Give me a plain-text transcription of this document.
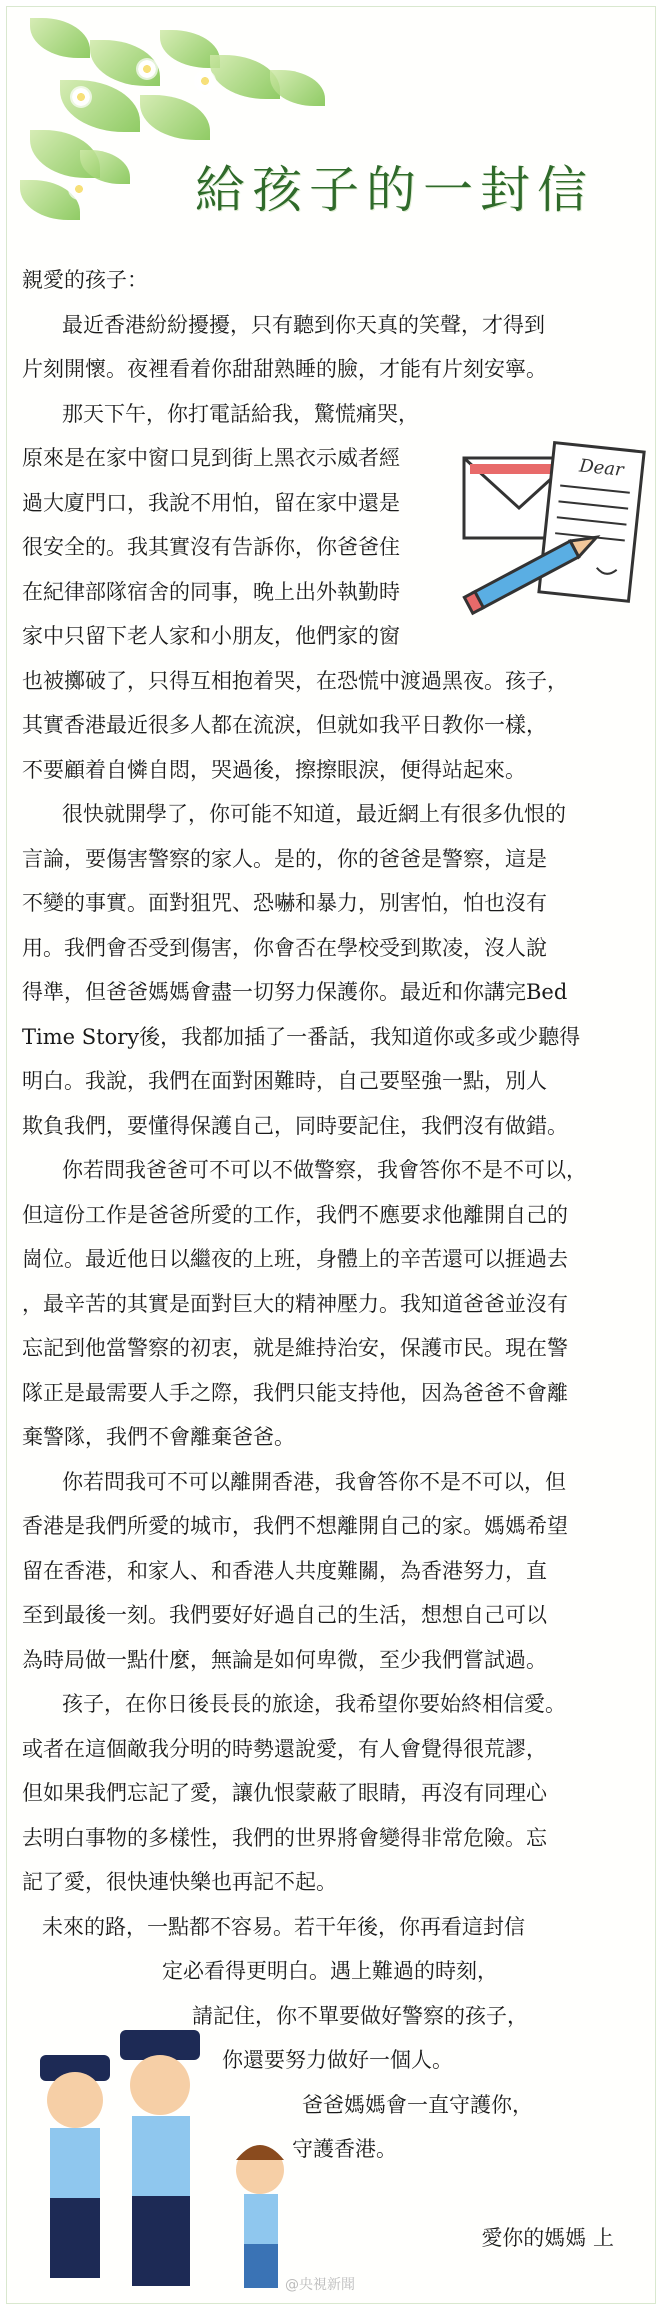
給孩子的一封信
Dear
親愛的孩子：
最近香港紛紛擾擾，只有聽到你天真的笑聲，才得到
片刻開懷。夜裡看着你甜甜熟睡的臉，才能有片刻安寧。
那天下午，你打電話給我，驚慌痛哭，
原來是在家中窗口見到街上黑衣示威者經
過大廈門口，我說不用怕，留在家中還是
很安全的。我其實沒有告訴你，你爸爸住
在紀律部隊宿舍的同事，晚上出外執勤時
家中只留下老人家和小朋友，他們家的窗
也被擲破了，只得互相抱着哭，在恐慌中渡過黑夜。孩子，
其實香港最近很多人都在流淚，但就如我平日教你一樣，
不要顧着自憐自悶，哭過後，擦擦眼淚，便得站起來。
很快就開學了，你可能不知道，最近網上有很多仇恨的
言論，要傷害警察的家人。是的，你的爸爸是警察，這是
不變的事實。面對狙咒、恐嚇和暴力，別害怕，怕也沒有
用。我們會否受到傷害，你會否在學校受到欺凌，沒人說
得準，但爸爸媽媽會盡一切努力保護你。最近和你講完Bed
Time Story後，我都加插了一番話，我知道你或多或少聽得
明白。我說，我們在面對困難時，自己要堅強一點，別人
欺負我們，要懂得保護自己，同時要記住，我們沒有做錯。
你若問我爸爸可不可以不做警察，我會答你不是不可以，
但這份工作是爸爸所愛的工作，我們不應要求他離開自己的
崗位。最近他日以繼夜的上班，身體上的辛苦還可以捱過去
，最辛苦的其實是面對巨大的精神壓力。我知道爸爸並沒有
忘記到他當警察的初衷，就是維持治安，保護市民。現在警
隊正是最需要人手之際，我們只能支持他，因為爸爸不會離
棄警隊，我們不會離棄爸爸。
你若問我可不可以離開香港，我會答你不是不可以，但
香港是我們所愛的城市，我們不想離開自己的家。媽媽希望
留在香港，和家人、和香港人共度難關，為香港努力，直
至到最後一刻。我們要好好過自己的生活，想想自己可以
為時局做一點什麼，無論是如何卑微，至少我們嘗試過。
孩子，在你日後長長的旅途，我希望你要始終相信愛。
或者在這個敵我分明的時勢還說愛，有人會覺得很荒謬，
但如果我們忘記了愛，讓仇恨蒙蔽了眼睛，再沒有同理心
去明白事物的多樣性，我們的世界將會變得非常危險。忘
記了愛，很快連快樂也再記不起。
未來的路，一點都不容易。若干年後，你再看這封信
定必看得更明白。遇上難過的時刻，
請記住，你不單要做好警察的孩子，
你還要努力做好一個人。
爸爸媽媽會一直守護你，
守護香港。
愛你的媽媽 上
@央視新聞
